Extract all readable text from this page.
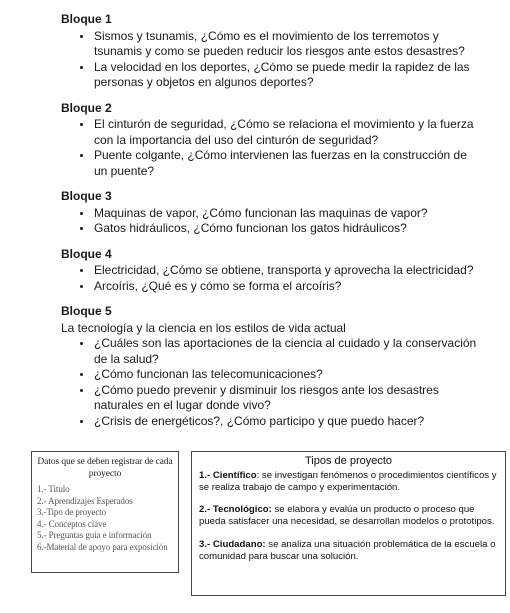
Bloque 1
• Sismos y tsunamis, ¿Cómo es el movimiento de los terremotos y tsunamis y como se pueden reducir los riesgos ante estos desastres?
• La velocidad en los deportes, ¿Cómo se puede medir la rapidez de las personas y objetos en algunos deportes?
Bloque 2
• El cinturón de seguridad, ¿Cómo se relaciona el movimiento y la fuerza con la importancia del uso del cinturón de seguridad?
• Puente colgante, ¿Cómo intervienen las fuerzas en la construcción de un puente?
Bloque 3
• Maquinas de vapor, ¿Cómo funcionan las maquinas de vapor?
• Gatos hidráulicos, ¿Cómo funcionan los gatos hidráulicos?
Bloque 4
• Electricidad, ¿Cómo se obtiene, transporta y aprovecha la electricidad?
• Arcoíris, ¿Qué es y cómo se forma el arcoíris?
Bloque 5
La tecnología y la ciencia en los estilos de vida actual
• ¿Cuáles son las aportaciones de la ciencia al cuidado y la conservación de la salud?
• ¿Cómo funcionan las telecomunicaciones?
• ¿Cómo puedo prevenir y disminuir los riesgos ante los desastres naturales en el lugar donde vivo?
• ¿Crisis de energéticos?, ¿Cómo participo y que puedo hacer?
Datos que se deben registrar de cada proyecto
1.- Titulo
2.- Aprendizajes Esperados
3.-Tipo de proyecto
4.- Conceptos clave
5.- Preguntas guía e información
6.-Material de apoyo para exposición
Tipos de proyecto
1.- Científico: se investigan fenómenos o procedimientos científicos y se realiza trabajo de campo y experimentación.
2.- Tecnológico: se elabora y evalúa un producto o proceso que pueda satisfacer una necesidad, se desarrollan modelos o prototipos.
3.- Ciudadano: se analiza una situación problemática de la escuela o comunidad para buscar una solución.
